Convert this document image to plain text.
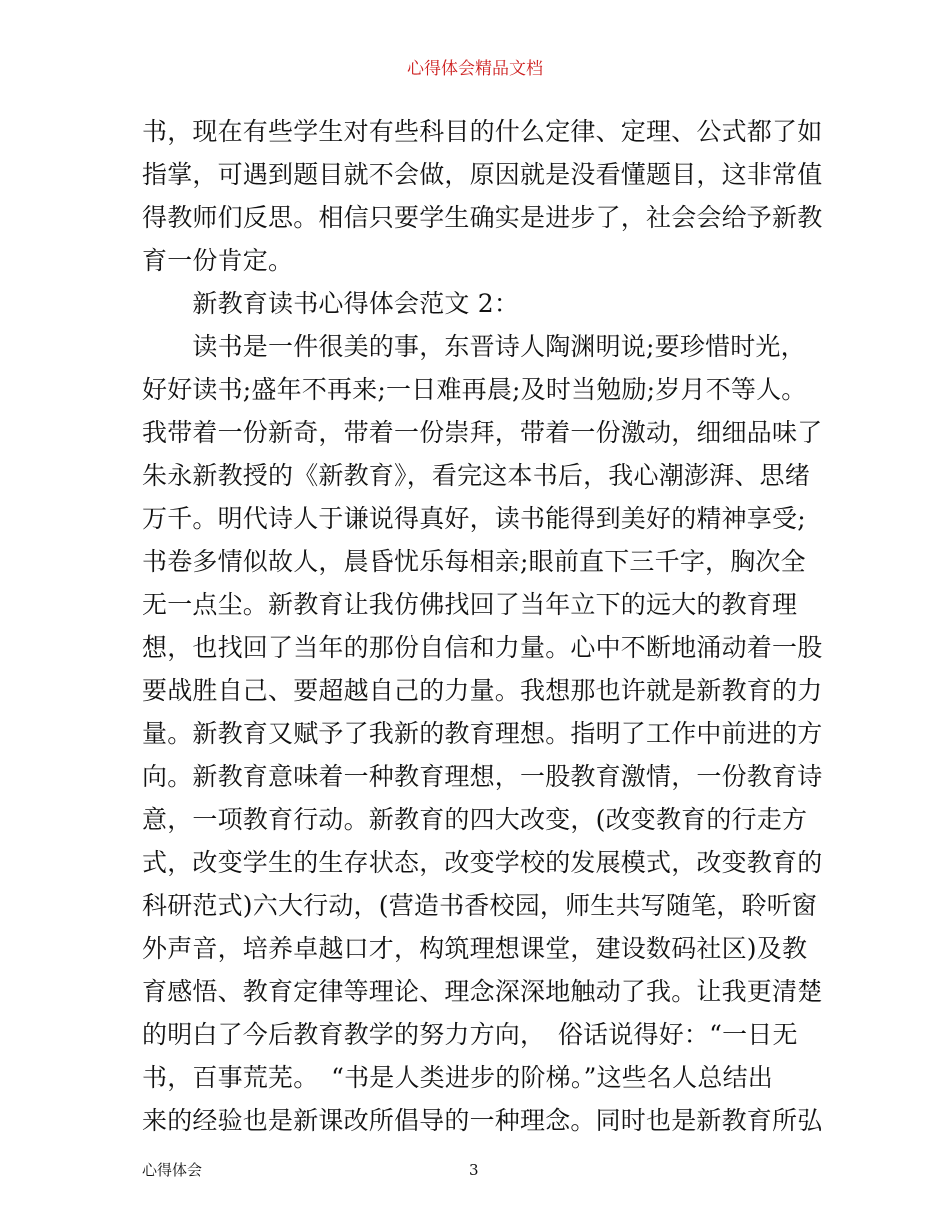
心得体会精品文档
书，现在有些学生对有些科目的什么定律、定理、公式都了如
指掌，可遇到题目就不会做，原因就是没看懂题目，这非常值
得教师们反思。相信只要学生确实是进步了，社会会给予新教
育一份肯定。
　　新教育读书心得体会范文 2：
　　读书是一件很美的事，东晋诗人陶渊明说;要珍惜时光，
好好读书;盛年不再来;一日难再晨;及时当勉励;岁月不等人。
我带着一份新奇，带着一份崇拜，带着一份激动，细细品味了
朱永新教授的《新教育》，看完这本书后，我心潮澎湃、思绪
万千。明代诗人于谦说得真好，读书能得到美好的精神享受;
书卷多情似故人，晨昏忧乐每相亲;眼前直下三千字，胸次全
无一点尘。新教育让我仿佛找回了当年立下的远大的教育理
想，也找回了当年的那份自信和力量。心中不断地涌动着一股
要战胜自己、要超越自己的力量。我想那也许就是新教育的力
量。新教育又赋予了我新的教育理想。指明了工作中前进的方
向。新教育意味着一种教育理想，一股教育激情，一份教育诗
意，一项教育行动。新教育的四大改变，(改变教育的行走方
式，改变学生的生存状态，改变学校的发展模式，改变教育的
科研范式)六大行动，(营造书香校园，师生共写随笔，聆听窗
外声音，培养卓越口才，构筑理想课堂，建设数码社区)及教
育感悟、教育定律等理论、理念深深地触动了我。让我更清楚
的明白了今后教育教学的努力方向，　俗话说得好：“一日无
书，百事荒芜。　“书是人类进步的阶梯。”这些名人总结出
来的经验也是新课改所倡导的一种理念。同时也是新教育所弘
心得体会	3
